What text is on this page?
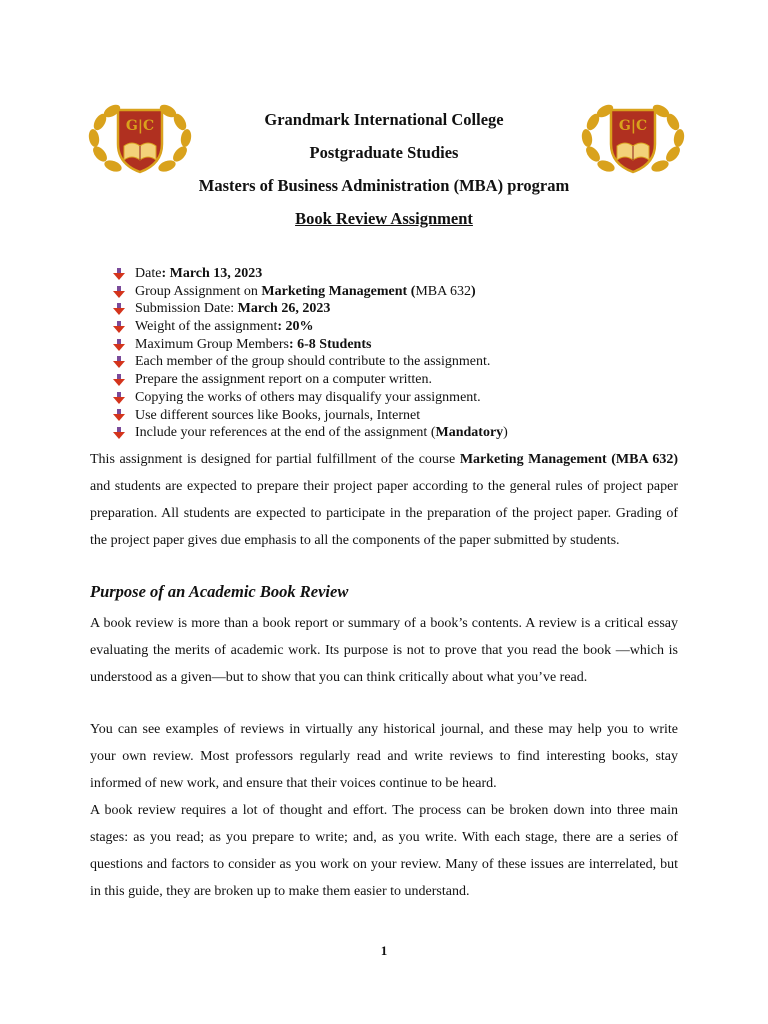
G|C	G|C
Grandmark International College
Postgraduate Studies
Masters of Business Administration (MBA) program
Book Review Assignment
Date: March 13, 2023
Group Assignment on Marketing Management (MBA 632)
Submission Date: March 26, 2023
Weight of the assignment: 20%
Maximum Group Members: 6-8 Students
Each member of the group should contribute to the assignment.
Prepare the assignment report on a computer written.
Copying the works of others may disqualify your assignment.
Use different sources like Books, journals, Internet
Include your references at the end of the assignment (Mandatory)
This assignment is designed for partial fulfillment of the course Marketing Management (MBA 632) and students are expected to prepare their project paper according to the general rules of project paper preparation. All students are expected to participate in the preparation of the project paper. Grading of the project paper gives due emphasis to all the components of the paper submitted by students.
Purpose of an Academic Book Review
A book review is more than a book report or summary of a book’s contents. A review is a critical essay evaluating the merits of academic work. Its purpose is not to prove that you read the book —which is understood as a given—but to show that you can think critically about what you’ve read.
You can see examples of reviews in virtually any historical journal, and these may help you to write your own review. Most professors regularly read and write reviews to find interesting books, stay informed of new work, and ensure that their voices continue to be heard.
A book review requires a lot of thought and effort. The process can be broken down into three main stages: as you read; as you prepare to write; and, as you write. With each stage, there are a series of questions and factors to consider as you work on your review. Many of these issues are interrelated, but in this guide, they are broken up to make them easier to understand.
1
